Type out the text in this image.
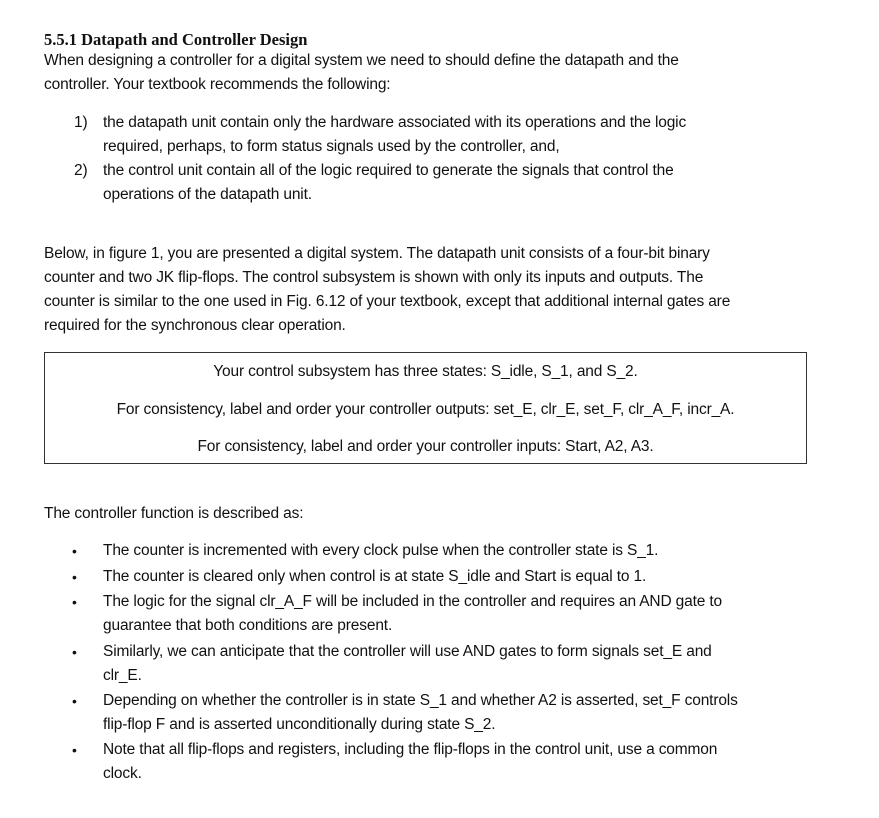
5.5.1 Datapath and Controller Design
When designing a controller for a digital system we need to should define the datapath and the
controller. Your textbook recommends the following:
1) the datapath unit contain only the hardware associated with its operations and the logic
required, perhaps, to form status signals used by the controller, and,
2) the control unit contain all of the logic required to generate the signals that control the
operations of the datapath unit.
Below, in figure 1, you are presented a digital system. The datapath unit consists of a four-bit binary
counter and two JK flip-flops. The control subsystem is shown with only its inputs and outputs. The
counter is similar to the one used in Fig. 6.12 of your textbook, except that additional internal gates are
required for the synchronous clear operation.
Your control subsystem has three states: S_idle, S_1, and S_2.
For consistency, label and order your controller outputs: set_E, clr_E, set_F, clr_A_F, incr_A.
For consistency, label and order your controller inputs: Start, A2, A3.
The controller function is described as:
• The counter is incremented with every clock pulse when the controller state is S_1.
• The counter is cleared only when control is at state S_idle and Start is equal to 1.
• The logic for the signal clr_A_F will be included in the controller and requires an AND gate to
guarantee that both conditions are present.
• Similarly, we can anticipate that the controller will use AND gates to form signals set_E and
clr_E.
• Depending on whether the controller is in state S_1 and whether A2 is asserted, set_F controls
flip-flop F and is asserted unconditionally during state S_2.
• Note that all flip-flops and registers, including the flip-flops in the control unit, use a common
clock.
